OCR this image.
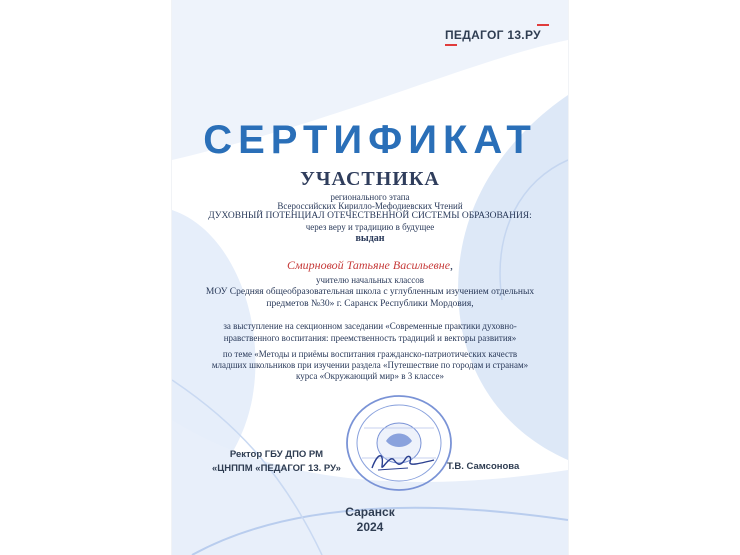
ПЕДАГОГ 13.РУ
СЕРТИФИКАТ
УЧАСТНИКА
регионального этапа
Всероссийских Кирилло-Мефодиевских Чтений
ДУХОВНЫЙ ПОТЕНЦИАЛ ОТЕЧЕСТВЕННОЙ СИСТЕМЫ ОБРАЗОВАНИЯ:
через веру и традицию в будущее
выдан
Смирновой Татьяне Васильевне,
учителю начальных классов
МОУ Средняя общеобразовательная школа с углубленным изучением отдельных
предметов №30» г. Саранск Республики Мордовия,
за выступление на секционном заседании «Современные практики духовно-
нравственного воспитания: преемственность традиций и векторы развития»
по теме «Методы и приёмы воспитания гражданско-патриотических качеств
младших школьников при изучении раздела «Путешествие по городам и странам»
курса «Окружающий мир» в 3 классе»
Ректор ГБУ ДПО РМ
«ЦНППМ «ПЕДАГОГ 13. РУ»	Т.В. Самсонова
Саранск
2024
